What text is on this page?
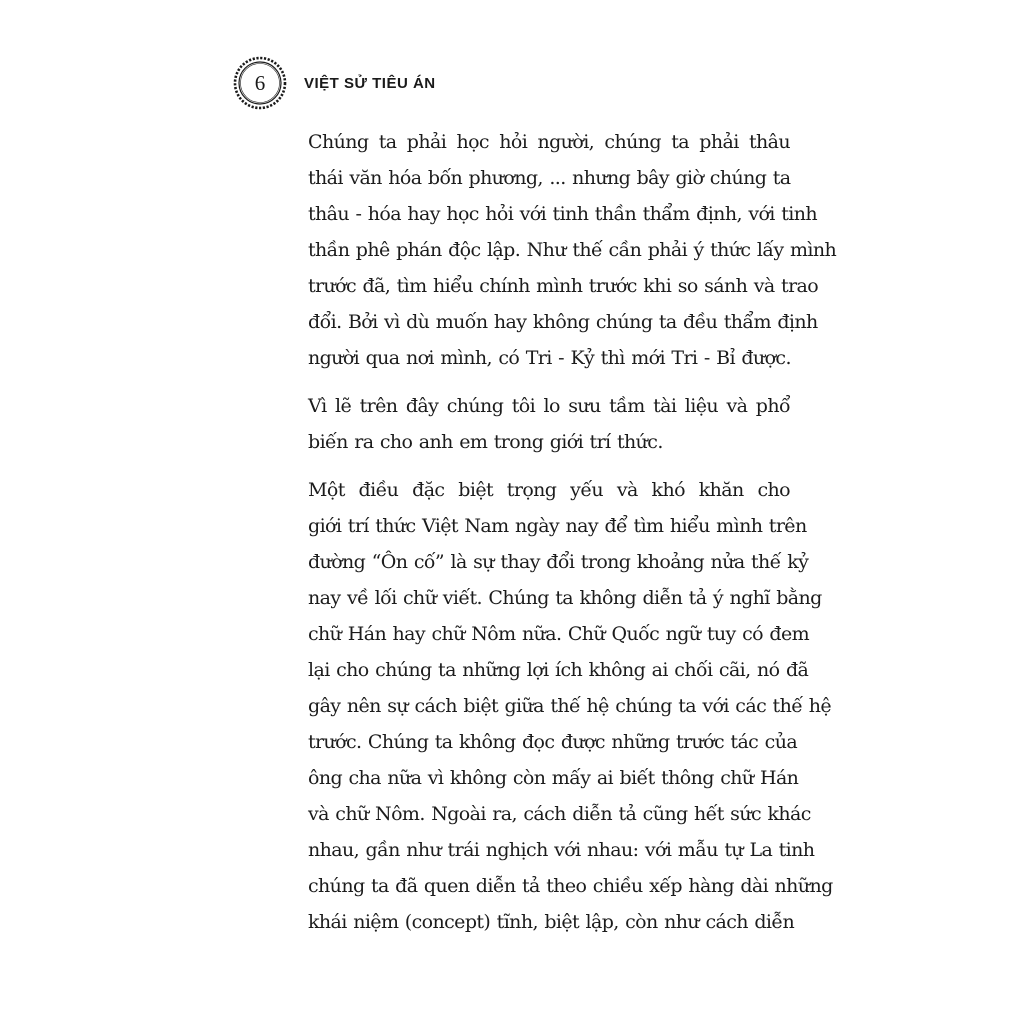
6	VIỆT SỬ TIÊU ÁN

Chúng ta phải học hỏi người, chúng ta phải thâu
thái văn hóa bốn phương, ... nhưng bây giờ chúng ta
thâu - hóa hay học hỏi với tinh thần thẩm định, với tinh
thần phê phán độc lập. Như thế cần phải ý thức lấy mình
trước đã, tìm hiểu chính mình trước khi so sánh và trao
đổi. Bởi vì dù muốn hay không chúng ta đều thẩm định
người qua nơi mình, có Tri - Kỷ thì mới Tri - Bỉ được.

Vì lẽ trên đây chúng tôi lo sưu tầm tài liệu và phổ
biến ra cho anh em trong giới trí thức.

Một điều đặc biệt trọng yếu và khó khăn cho
giới trí thức Việt Nam ngày nay để tìm hiểu mình trên
đường “Ôn cố” là sự thay đổi trong khoảng nửa thế kỷ
nay về lối chữ viết. Chúng ta không diễn tả ý nghĩ bằng
chữ Hán hay chữ Nôm nữa. Chữ Quốc ngữ tuy có đem
lại cho chúng ta những lợi ích không ai chối cãi, nó đã
gây nên sự cách biệt giữa thế hệ chúng ta với các thế hệ
trước. Chúng ta không đọc được những trước tác của
ông cha nữa vì không còn mấy ai biết thông chữ Hán
và chữ Nôm. Ngoài ra, cách diễn tả cũng hết sức khác
nhau, gần như trái nghịch với nhau: với mẫu tự La tinh
chúng ta đã quen diễn tả theo chiều xếp hàng dài những
khái niệm (concept) tĩnh, biệt lập, còn như cách diễn
